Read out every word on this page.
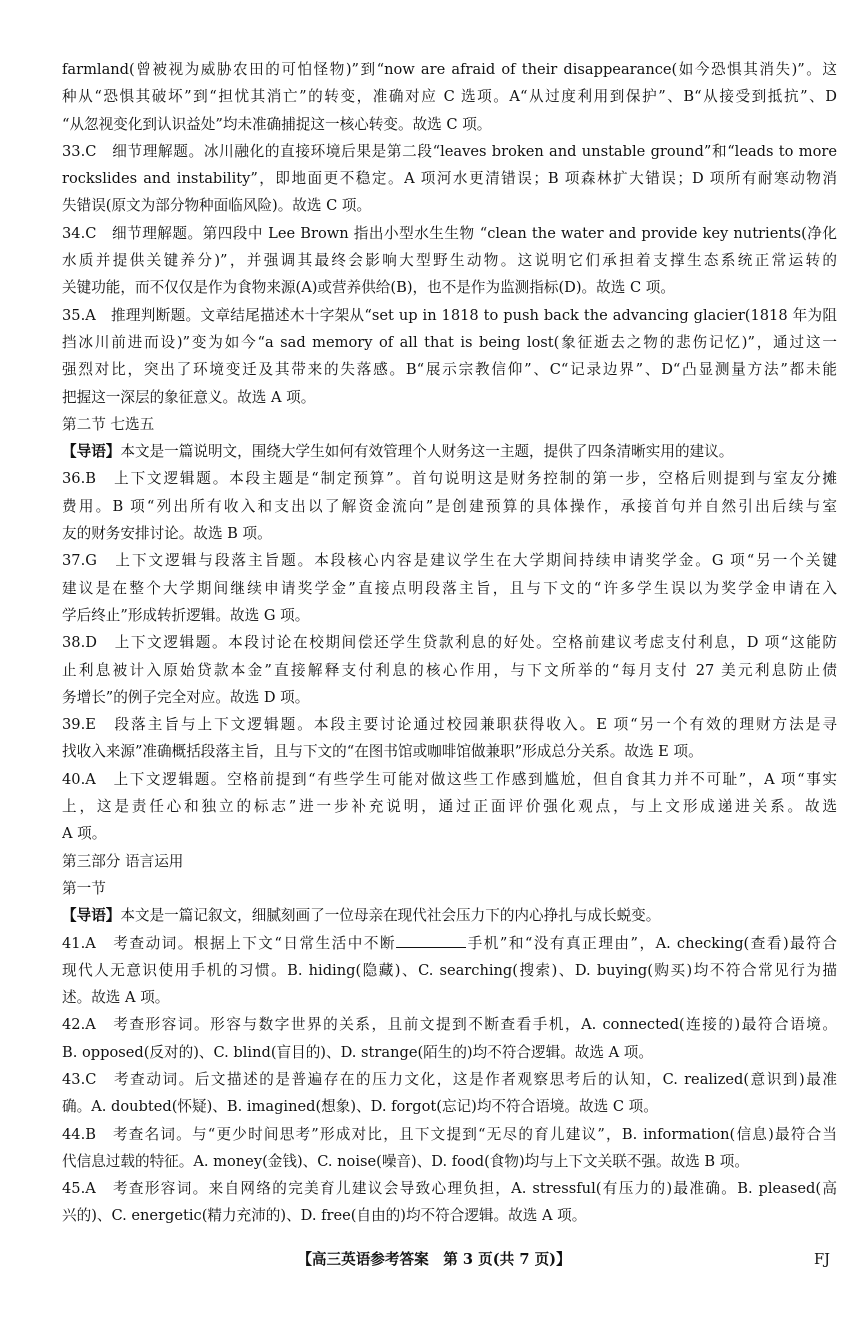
farmland(曾被视为威胁农田的可怕怪物)”到“now are afraid of their disappearance(如今恐惧其消失)”。这
种从“恐惧其破坏”到“担忧其消亡”的转变，准确对应 C 选项。A“从过度利用到保护”、B“从接受到抵抗”、D
“从忽视变化到认识益处”均未准确捕捉这一核心转变。故选 C 项。
33.C　细节理解题。冰川融化的直接环境后果是第二段“leaves broken and unstable ground”和“leads to more
rockslides and instability”，即地面更不稳定。A 项河水更清错误；B 项森林扩大错误；D 项所有耐寒动物消
失错误(原文为部分物种面临风险)。故选 C 项。
34.C　细节理解题。第四段中 Lee Brown 指出小型水生生物 “clean the water and provide key nutrients(净化
水质并提供关键养分)”，并强调其最终会影响大型野生动物。这说明它们承担着支撑生态系统正常运转的
关键功能，而不仅仅是作为食物来源(A)或营养供给(B)，也不是作为监测指标(D)。故选 C 项。
35.A　推理判断题。文章结尾描述木十字架从“set up in 1818 to push back the advancing glacier(1818 年为阻
挡冰川前进而设)”变为如今“a sad memory of all that is being lost(象征逝去之物的悲伤记忆)”，通过这一
强烈对比，突出了环境变迁及其带来的失落感。B“展示宗教信仰”、C“记录边界”、D“凸显测量方法”都未能
把握这一深层的象征意义。故选 A 项。
第二节 七选五
【导语】本文是一篇说明文，围绕大学生如何有效管理个人财务这一主题，提供了四条清晰实用的建议。
36.B　上下文逻辑题。本段主题是“制定预算”。首句说明这是财务控制的第一步，空格后则提到与室友分摊
费用。B 项“列出所有收入和支出以了解资金流向”是创建预算的具体操作，承接首句并自然引出后续与室
友的财务安排讨论。故选 B 项。
37.G　上下文逻辑与段落主旨题。本段核心内容是建议学生在大学期间持续申请奖学金。G 项“另一个关键
建议是在整个大学期间继续申请奖学金”直接点明段落主旨，且与下文的“许多学生误以为奖学金申请在入
学后终止”形成转折逻辑。故选 G 项。
38.D　上下文逻辑题。本段讨论在校期间偿还学生贷款利息的好处。空格前建议考虑支付利息，D 项“这能防
止利息被计入原始贷款本金”直接解释支付利息的核心作用，与下文所举的“每月支付 27 美元利息防止债
务增长”的例子完全对应。故选 D 项。
39.E　段落主旨与上下文逻辑题。本段主要讨论通过校园兼职获得收入。E 项“另一个有效的理财方法是寻
找收入来源”准确概括段落主旨，且与下文的“在图书馆或咖啡馆做兼职”形成总分关系。故选 E 项。
40.A　上下文逻辑题。空格前提到“有些学生可能对做这些工作感到尴尬，但自食其力并不可耻”，A 项“事实
上，这是责任心和独立的标志”进一步补充说明，通过正面评价强化观点，与上文形成递进关系。故选
A 项。
第三部分 语言运用
第一节
【导语】本文是一篇记叙文，细腻刻画了一位母亲在现代社会压力下的内心挣扎与成长蜕变。
41.A　考查动词。根据上下文“日常生活中不断	手机”和“没有真正理由”，A. checking(查看)最符合
现代人无意识使用手机的习惯。B. hiding(隐藏)、C. searching(搜索)、D. buying(购买)均不符合常见行为描
述。故选 A 项。
42.A　考查形容词。形容与数字世界的关系，且前文提到不断查看手机，A. connected(连接的)最符合语境。
B. opposed(反对的)、C. blind(盲目的)、D. strange(陌生的)均不符合逻辑。故选 A 项。
43.C　考查动词。后文描述的是普遍存在的压力文化，这是作者观察思考后的认知，C. realized(意识到)最准
确。A. doubted(怀疑)、B. imagined(想象)、D. forgot(忘记)均不符合语境。故选 C 项。
44.B　考查名词。与“更少时间思考”形成对比，且下文提到“无尽的育儿建议”，B. information(信息)最符合当
代信息过载的特征。A. money(金钱)、C. noise(噪音)、D. food(食物)均与上下文关联不强。故选 B 项。
45.A　考查形容词。来自网络的完美育儿建议会导致心理负担，A. stressful(有压力的)最准确。B. pleased(高
兴的)、C. energetic(精力充沛的)、D. free(自由的)均不符合逻辑。故选 A 项。
【高三英语参考答案　第 3 页(共 7 页)】	FJ
